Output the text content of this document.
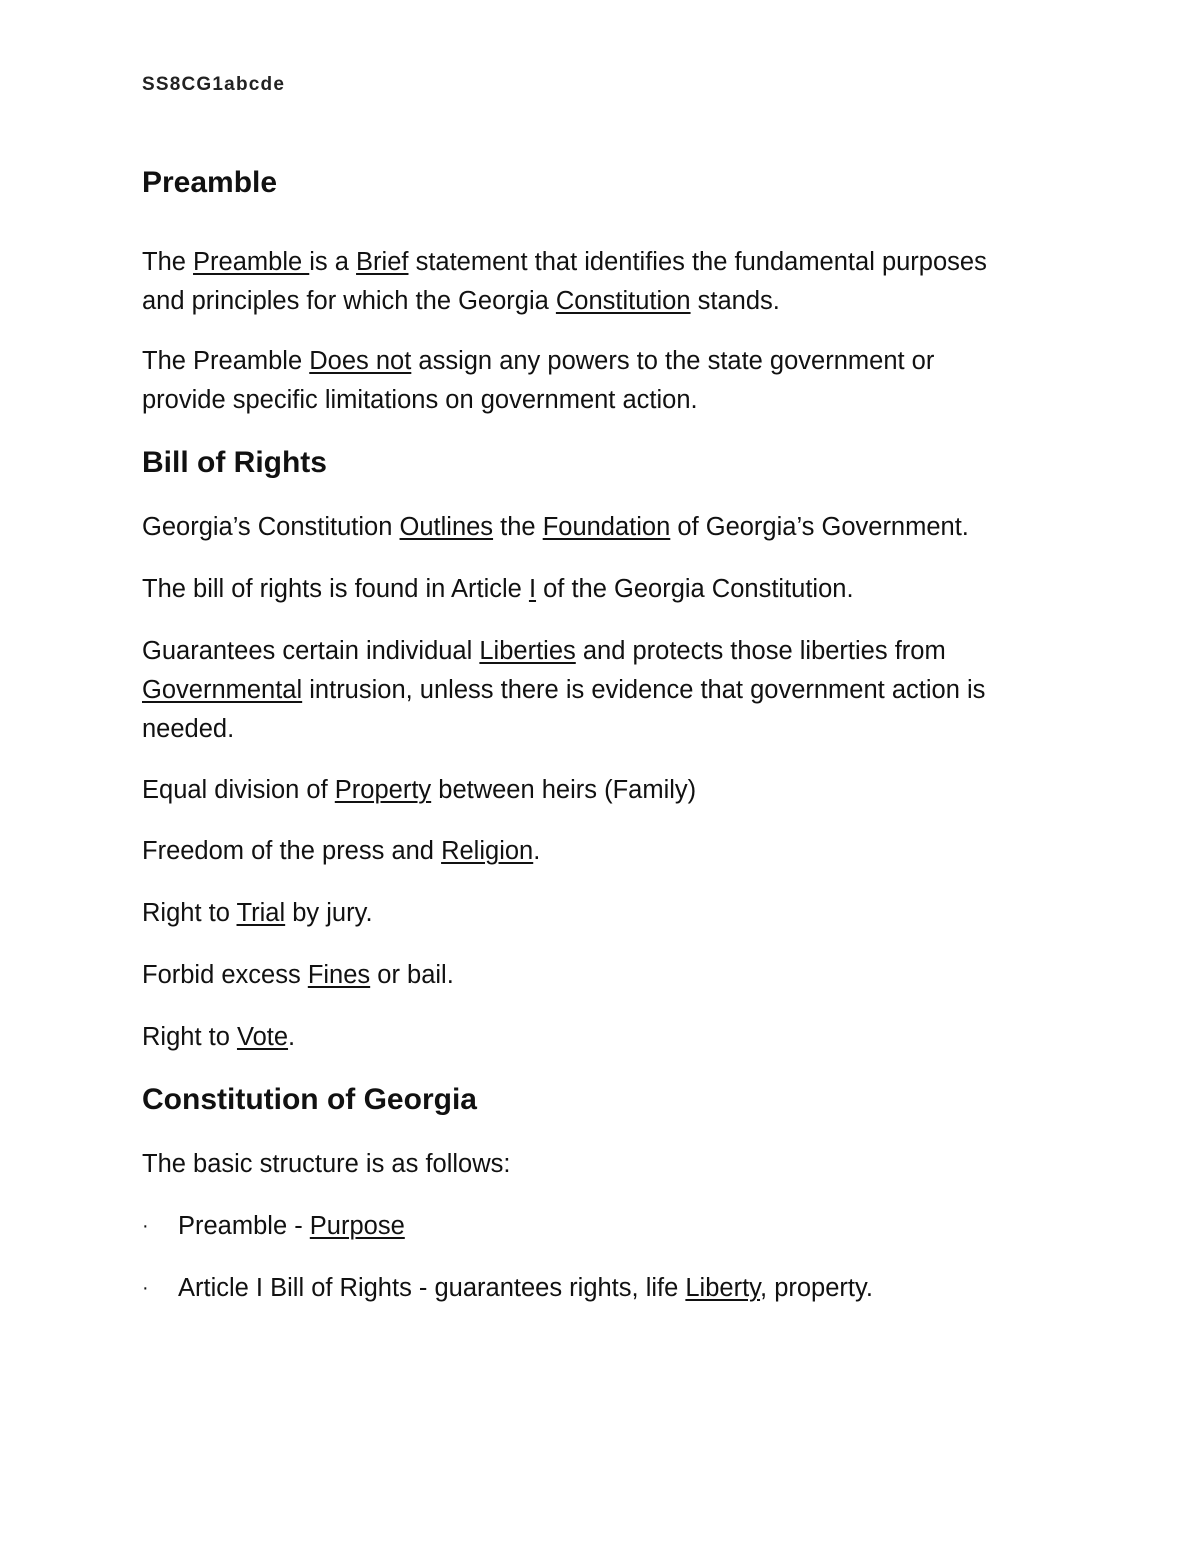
SS8CG1abcde
Preamble
The Preamble is a Brief statement that identifies the fundamental purposes
and principles for which the Georgia Constitution stands.
The Preamble Does not assign any powers to the state government or
provide specific limitations on government action.
Bill of Rights
Georgia’s Constitution Outlines the Foundation of Georgia’s Government.
The bill of rights is found in Article I of the Georgia Constitution.
Guarantees certain individual Liberties and protects those liberties from
Governmental intrusion, unless there is evidence that government action is
needed.
Equal division of Property between heirs (Family)
Freedom of the press and Religion.
Right to Trial by jury.
Forbid excess Fines or bail.
Right to Vote.
Constitution of Georgia
The basic structure is as follows:
· Preamble - Purpose
· Article I Bill of Rights - guarantees rights, life Liberty, property.
